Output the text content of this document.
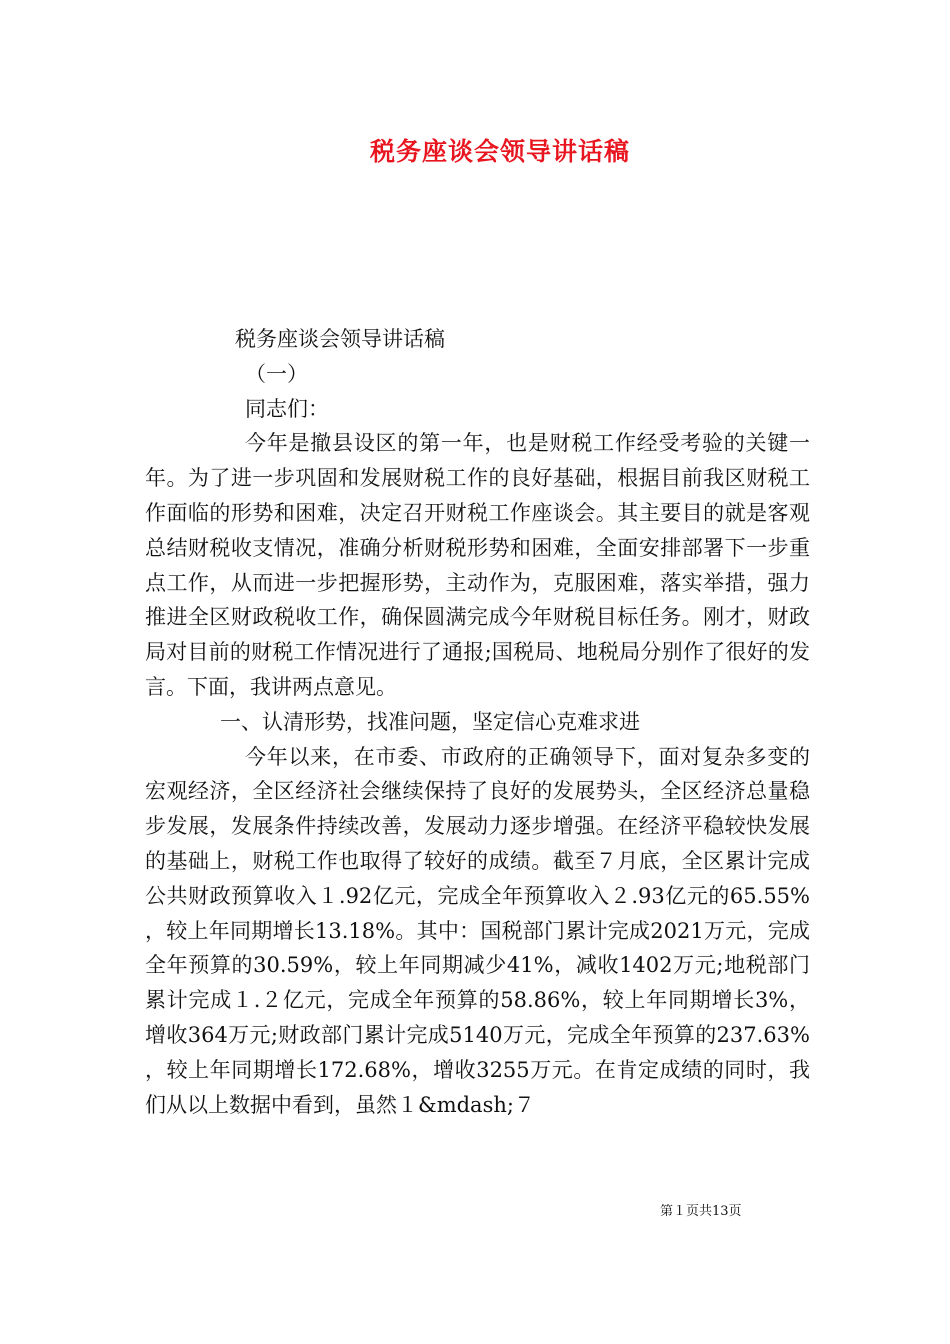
税务座谈会领导讲话稿
税务座谈会领导讲话稿
（一）
同志们：
今年是撤县设区的第一年，也是财税工作经受考验的关键一年。为了进一步巩固和发展财税工作的良好基础，根据目前我区财税工作面临的形势和困难，决定召开财税工作座谈会。其主要目的就是客观总结财税收支情况，准确分析财税形势和困难，全面安排部署下一步重点工作，从而进一步把握形势，主动作为，克服困难，落实举措，强力推进全区财政税收工作，确保圆满完成今年财税目标任务。刚才，财政局对目前的财税工作情况进行了通报;国税局、地税局分别作了很好的发言。下面，我讲两点意见。
一、认清形势，找准问题，坚定信心克难求进
今年以来，在市委、市政府的正确领导下，面对复杂多变的宏观经济，全区经济社会继续保持了良好的发展势头，全区经济总量稳步发展，发展条件持续改善，发展动力逐步增强。在经济平稳较快发展的基础上，财税工作也取得了较好的成绩。截至７月底，全区累计完成公共财政预算收入１.92亿元，完成全年预算收入２.93亿元的65.55%，较上年同期增长13.18%。其中：国税部门累计完成2021万元，完成全年预算的30.59%，较上年同期减少41%，减收1402万元;地税部门累计完成１.２亿元，完成全年预算的58.86%，较上年同期增长3%，增收364万元;财政部门累计完成5140万元，完成全年预算的237.63%，较上年同期增长172.68%，增收3255万元。在肯定成绩的同时，我们从以上数据中看到，虽然１&mdash;７
第１页共13页
